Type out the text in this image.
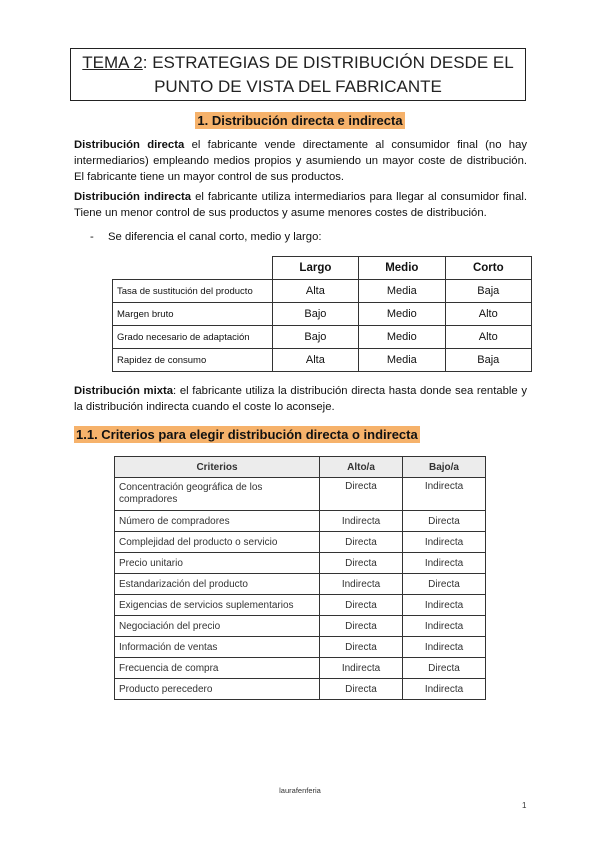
TEMA 2: ESTRATEGIAS DE DISTRIBUCIÓN DESDE EL
PUNTO DE VISTA DEL FABRICANTE
1. Distribución directa e indirecta

Distribución directa el fabricante vende directamente al consumidor final (no hay intermediarios) empleando medios propios y asumiendo un mayor coste de distribución. El fabricante tiene un mayor control de sus productos.

Distribución indirecta el fabricante utiliza intermediarios para llegar al consumidor final. Tiene un menor control de sus productos y asume menores costes de distribución.

- Se diferencia el canal corto, medio y largo:
	Largo	Medio	Corto
Tasa de sustitución del producto	Alta	Media	Baja
Margen bruto	Bajo	Medio	Alto
Grado necesario de adaptación	Bajo	Medio	Alto
Rapidez de consumo	Alta	Media	Baja

Distribución mixta: el fabricante utiliza la distribución directa hasta donde sea rentable y la distribución indirecta cuando el coste lo aconseje.

1.1. Criterios para elegir distribución directa o indirecta
Criterios	Alto/a	Bajo/a
Concentración geográfica de los compradores	Directa	Indirecta
Número de compradores	Indirecta	Directa
Complejidad del producto o servicio	Directa	Indirecta
Precio unitario	Directa	Indirecta
Estandarización del producto	Indirecta	Directa
Exigencias de servicios suplementarios	Directa	Indirecta
Negociación del precio	Directa	Indirecta
Información de ventas	Directa	Indirecta
Frecuencia de compra	Indirecta	Directa
Producto perecedero	Directa	Indirecta
laurafenferia
1
